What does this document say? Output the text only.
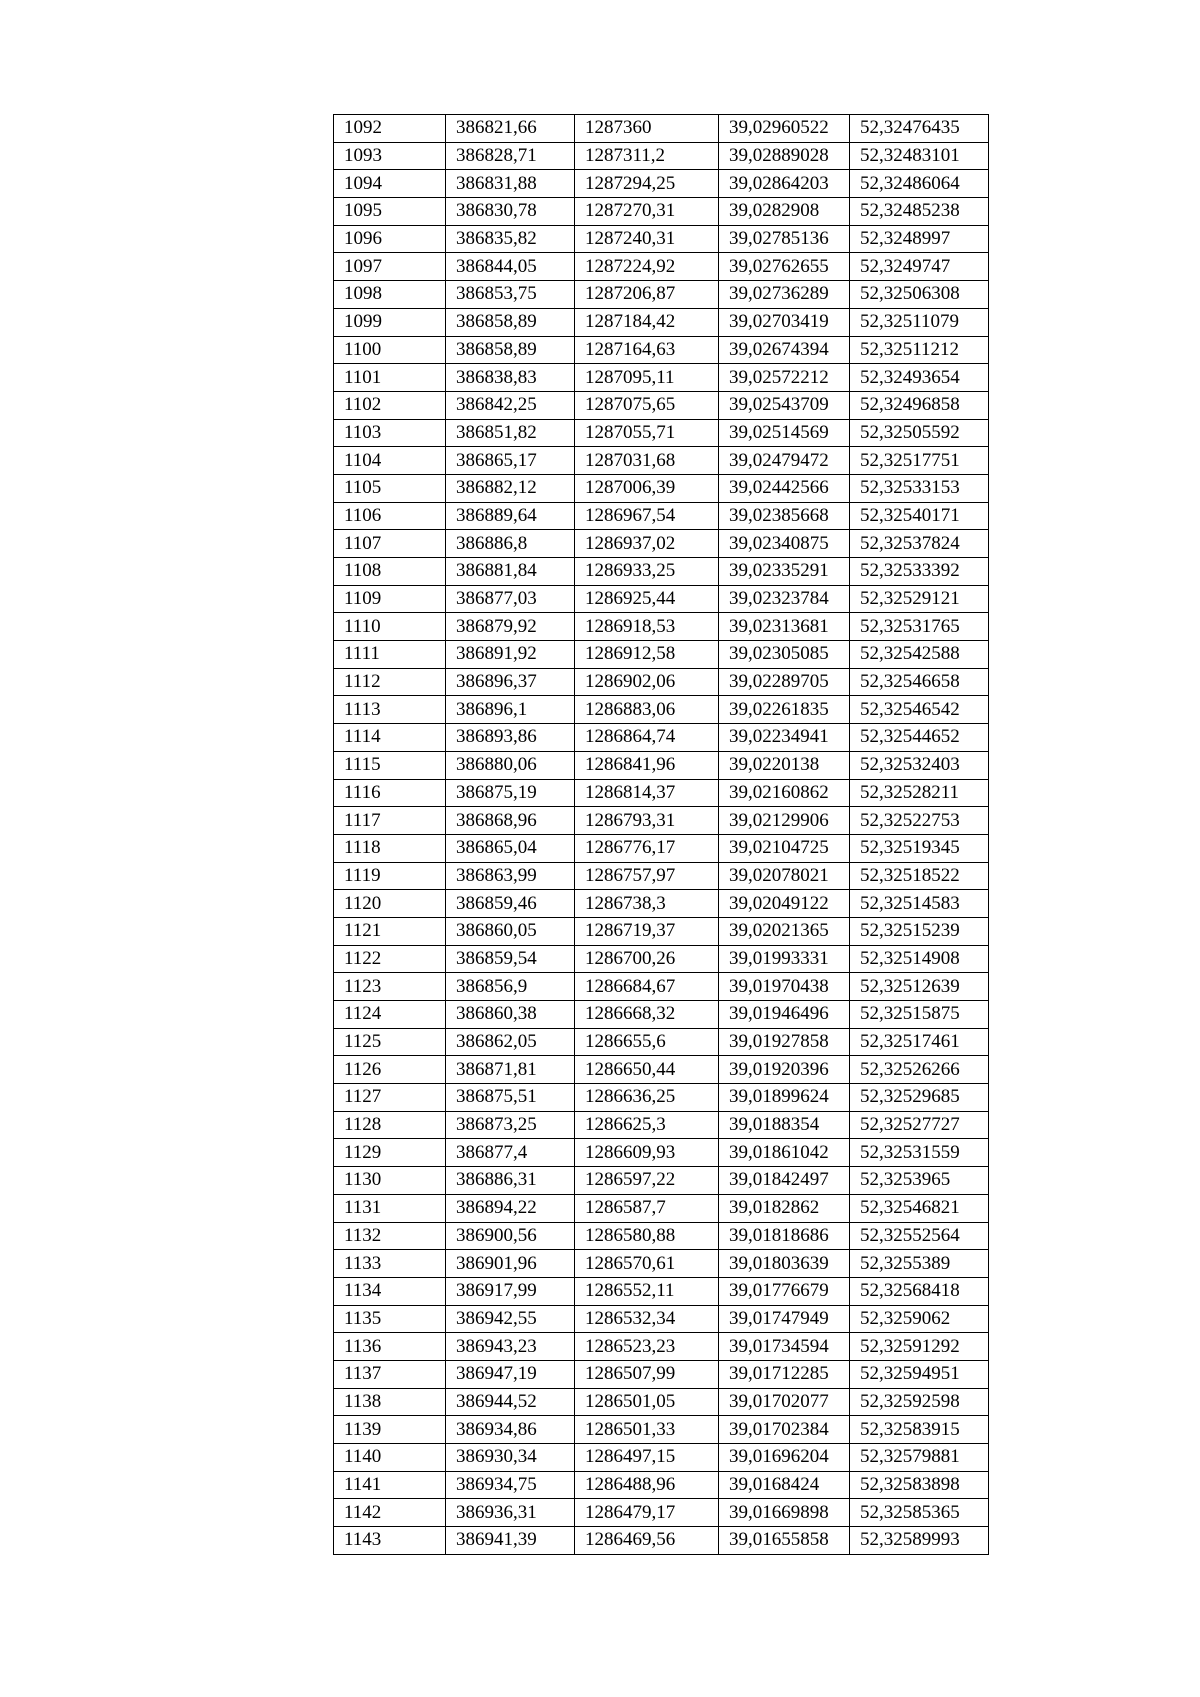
1092	386821,66	1287360	39,02960522	52,32476435
1093	386828,71	1287311,2	39,02889028	52,32483101
1094	386831,88	1287294,25	39,02864203	52,32486064
1095	386830,78	1287270,31	39,0282908	52,32485238
1096	386835,82	1287240,31	39,02785136	52,3248997
1097	386844,05	1287224,92	39,02762655	52,3249747
1098	386853,75	1287206,87	39,02736289	52,32506308
1099	386858,89	1287184,42	39,02703419	52,32511079
1100	386858,89	1287164,63	39,02674394	52,32511212
1101	386838,83	1287095,11	39,02572212	52,32493654
1102	386842,25	1287075,65	39,02543709	52,32496858
1103	386851,82	1287055,71	39,02514569	52,32505592
1104	386865,17	1287031,68	39,02479472	52,32517751
1105	386882,12	1287006,39	39,02442566	52,32533153
1106	386889,64	1286967,54	39,02385668	52,32540171
1107	386886,8	1286937,02	39,02340875	52,32537824
1108	386881,84	1286933,25	39,02335291	52,32533392
1109	386877,03	1286925,44	39,02323784	52,32529121
1110	386879,92	1286918,53	39,02313681	52,32531765
1111	386891,92	1286912,58	39,02305085	52,32542588
1112	386896,37	1286902,06	39,02289705	52,32546658
1113	386896,1	1286883,06	39,02261835	52,32546542
1114	386893,86	1286864,74	39,02234941	52,32544652
1115	386880,06	1286841,96	39,0220138	52,32532403
1116	386875,19	1286814,37	39,02160862	52,32528211
1117	386868,96	1286793,31	39,02129906	52,32522753
1118	386865,04	1286776,17	39,02104725	52,32519345
1119	386863,99	1286757,97	39,02078021	52,32518522
1120	386859,46	1286738,3	39,02049122	52,32514583
1121	386860,05	1286719,37	39,02021365	52,32515239
1122	386859,54	1286700,26	39,01993331	52,32514908
1123	386856,9	1286684,67	39,01970438	52,32512639
1124	386860,38	1286668,32	39,01946496	52,32515875
1125	386862,05	1286655,6	39,01927858	52,32517461
1126	386871,81	1286650,44	39,01920396	52,32526266
1127	386875,51	1286636,25	39,01899624	52,32529685
1128	386873,25	1286625,3	39,0188354	52,32527727
1129	386877,4	1286609,93	39,01861042	52,32531559
1130	386886,31	1286597,22	39,01842497	52,3253965
1131	386894,22	1286587,7	39,0182862	52,32546821
1132	386900,56	1286580,88	39,01818686	52,32552564
1133	386901,96	1286570,61	39,01803639	52,3255389
1134	386917,99	1286552,11	39,01776679	52,32568418
1135	386942,55	1286532,34	39,01747949	52,3259062
1136	386943,23	1286523,23	39,01734594	52,32591292
1137	386947,19	1286507,99	39,01712285	52,32594951
1138	386944,52	1286501,05	39,01702077	52,32592598
1139	386934,86	1286501,33	39,01702384	52,32583915
1140	386930,34	1286497,15	39,01696204	52,32579881
1141	386934,75	1286488,96	39,0168424	52,32583898
1142	386936,31	1286479,17	39,01669898	52,32585365
1143	386941,39	1286469,56	39,01655858	52,32589993
